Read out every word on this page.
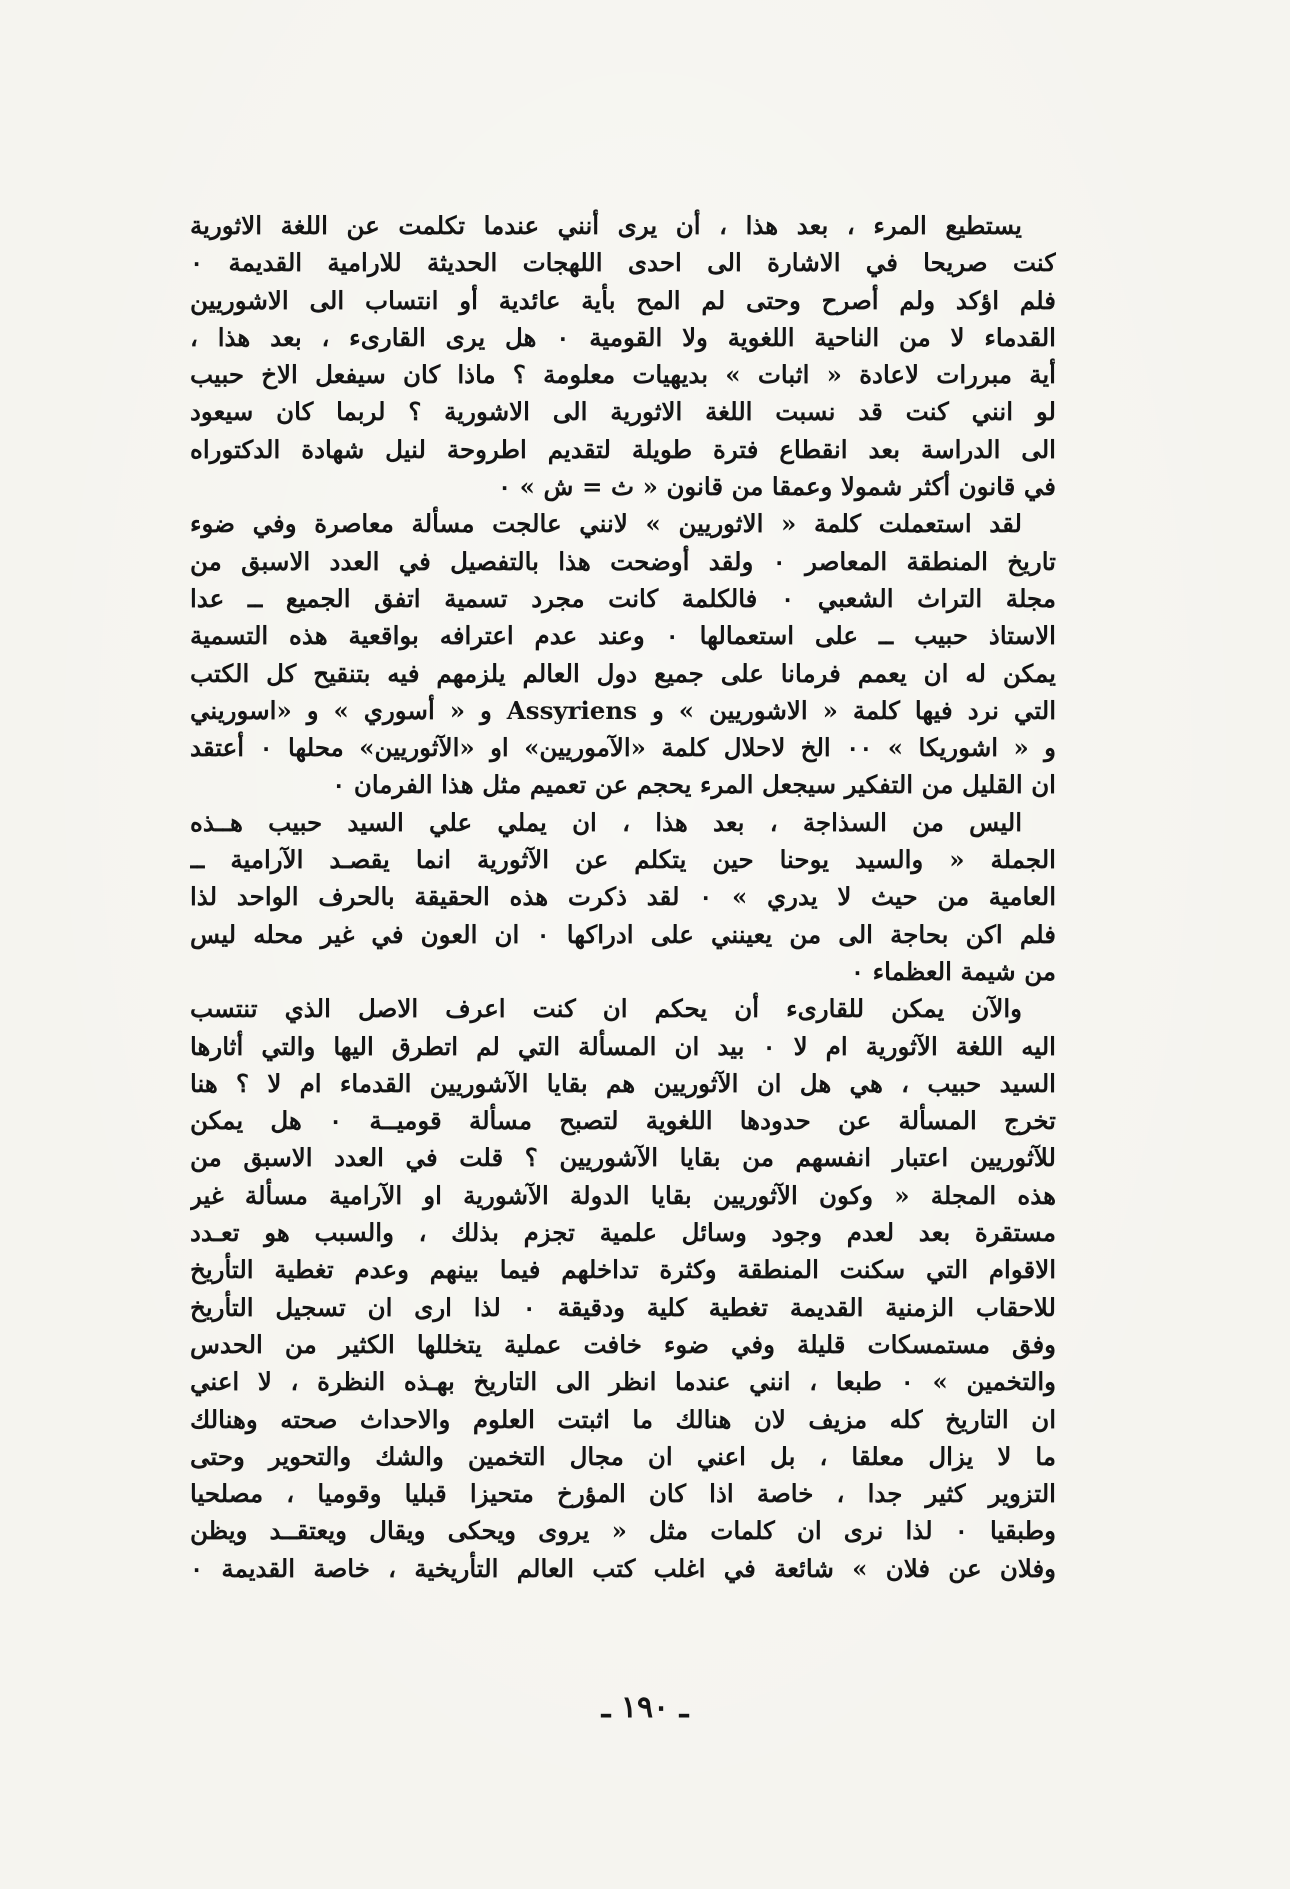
يستطيع المرء ، بعد هذا ، أن يرى أنني عندما تكلمت عن اللغة الاثورية
كنت صريحا في الاشارة الى احدى اللهجات الحديثة للارامية القديمة ٠
فلم اؤكد ولم أصرح وحتى لم المح بأية عائدية أو انتساب الى الاشوريين
القدماء لا من الناحية اللغوية ولا القومية ٠ هل يرى القارىء ، بعد هذا ،
أية مبررات لاعادة « اثبات » بديهيات معلومة ؟ ماذا كان سيفعل الاخ حبيب
لو انني كنت قد نسبت اللغة الاثورية الى الاشورية ؟ لربما كان سيعود
الى الدراسة بعد انقطاع فترة طويلة لتقديم اطروحة لنيل شهادة الدكتوراه
في قانون أكثر شمولا وعمقا من قانون « ث = ش » ٠
لقد استعملت كلمة « الاثوريين » لانني عالجت مسألة معاصرة وفي ضوء
تاريخ المنطقة المعاصر ٠ ولقد أوضحت هذا بالتفصيل في العدد الاسبق من
مجلة التراث الشعبي ٠ فالكلمة كانت مجرد تسمية اتفق الجميع ــ عدا
الاستاذ حبيب ــ على استعمالها ٠ وعند عدم اعترافه بواقعية هذه التسمية
يمكن له ان يعمم فرمانا على جميع دول العالم يلزمهم فيه بتنقيح كل الكتب
التي نرد فيها كلمة « الاشوريين » و Assyriens و « أسوري » و «اسوريني
و « اشوريكا » ٠٠ الخ لاحلال كلمة «الآموريين» او «الآثوريين» محلها ٠ أعتقد
ان القليل من التفكير سيجعل المرء يحجم عن تعميم مثل هذا الفرمان ٠
اليس من السذاجة ، بعد هذا ، ان يملي علي السيد حبيب هــذه
الجملة « والسيد يوحنا حين يتكلم عن الآثورية انما يقصـد الآرامية ــ
العامية من حيث لا يدري » ٠ لقد ذكرت هذه الحقيقة بالحرف الواحد لذا
فلم اكن بحاجة الى من يعينني على ادراكها ٠ ان العون في غير محله ليس
من شيمة العظماء ٠
والآن يمكن للقارىء أن يحكم ان كنت اعرف الاصل الذي تنتسب
اليه اللغة الآثورية ام لا ٠ بيد ان المسألة التي لم اتطرق اليها والتي أثارها
السيد حبيب ، هي هل ان الآثوريين هم بقايا الآشوريين القدماء ام لا ؟ هنا
تخرج المسألة عن حدودها اللغوية لتصبح مسألة قوميــة ٠ هل يمكن
للآثوريين اعتبار انفسهم من بقايا الآشوريين ؟ قلت في العدد الاسبق من
هذه المجلة « وكون الآثوريين بقايا الدولة الآشورية او الآرامية مسألة غير
مستقرة بعد لعدم وجود وسائل علمية تجزم بذلك ، والسبب هو تعـدد
الاقوام التي سكنت المنطقة وكثرة تداخلهم فيما بينهم وعدم تغطية التأريخ
للاحقاب الزمنية القديمة تغطية كلية ودقيقة ٠ لذا ارى ان تسجيل التأريخ
وفق مستمسكات قليلة وفي ضوء خافت عملية يتخللها الكثير من الحدس
والتخمين » ٠ طبعا ، انني عندما انظر الى التاريخ بهـذه النظرة ، لا اعني
ان التاريخ كله مزيف لان هنالك ما اثبتت العلوم والاحداث صحته وهنالك
ما لا يزال معلقا ، بل اعني ان مجال التخمين والشك والتحوير وحتى
التزوير كثير جدا ، خاصة اذا كان المؤرخ متحيزا قبليا وقوميا ، مصلحيا
وطبقيا ٠ لذا نرى ان كلمات مثل « يروى ويحكى ويقال ويعتقــد ويظن
وفلان عن فلان » شائعة في اغلب كتب العالم التأريخية ، خاصة القديمة ٠
ـ ١٩٠ ـ
